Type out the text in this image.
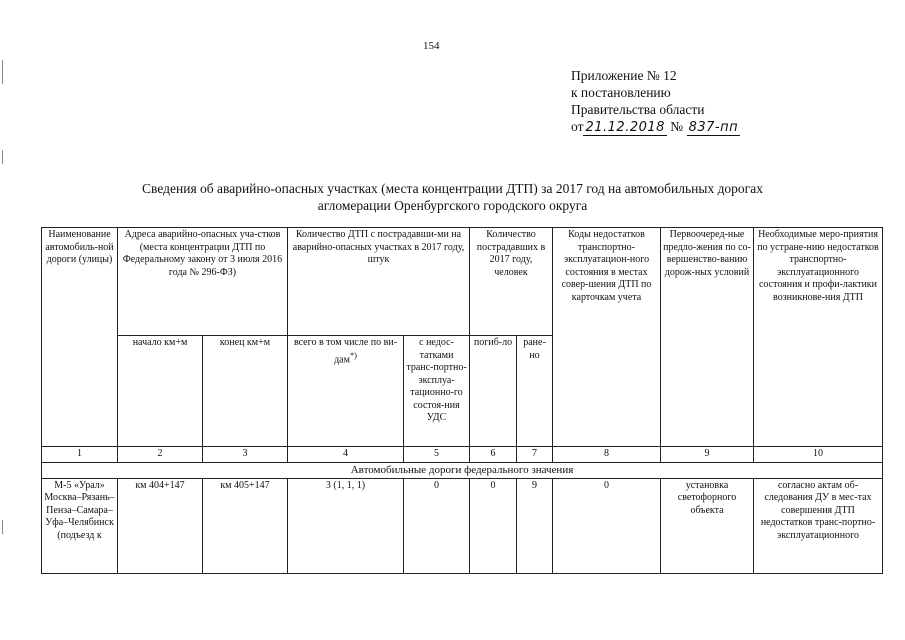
154
Приложение № 12
к постановлению
Правительства области
от 21.12.2018 № 837-пп
Сведения об аварийно-опасных участках (места концентрации ДТП) за 2017 год на автомобильных дорогах
агломерации Оренбургского городского округа
Наименование автомобиль-ной дороги (улицы)	Адреса аварийно-опасных уча-стков (места концентрации ДТП по Федеральному закону от 3 июля 2016 года № 296-ФЗ)		Количество ДТП с пострадавши-ми на аварийно-опасных участках в 2017 году, штук		Количество пострадавших в 2017 году, человек		Коды недостатков транспортно-эксплуатацион-ного состояния в местах совер-шения ДТП по карточкам учета	Первоочеред-ные предло-жения по со-вершенство-ванию дорож-ных условий	Необходимые меро-приятия по устране-нию недостатков транспортно-эксплуатационного состояния и профи-лактики возникнове-ния ДТП
	начало км+м	конец км+м	всего в том числе по ви-дам*)	с недос-татками транс-портно-эксплуа-тационно-го состоя-ния УДС	погиб-ло	ране-но			
1	2	3	4	5	6	7	8	9	10
Автомобильные дороги федерального значения									
М-5 «Урал» Москва–Рязань–Пенза–Самара–Уфа–Челябинск (подъезд к	км 404+147	км 405+147	3 (1, 1, 1)	0	0	9	0	установка светофорного объекта	согласно актам об-следования ДУ в мес-тах совершения ДТП недостатков транс-портно-эксплуатационного
